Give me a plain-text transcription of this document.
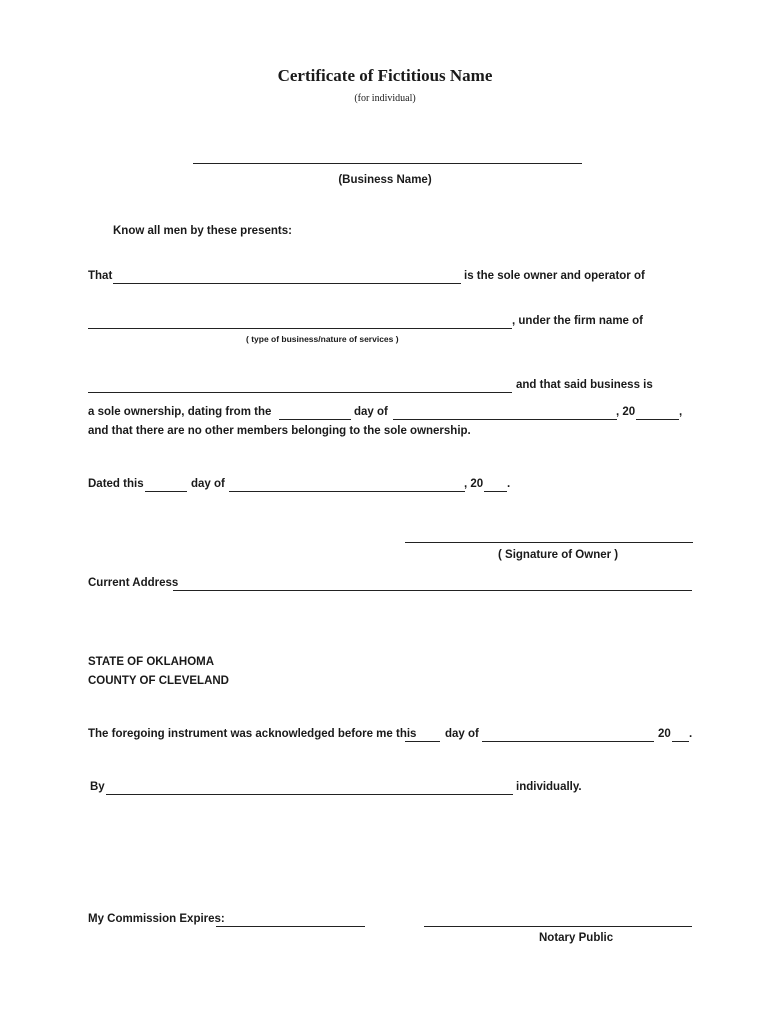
Certificate of Fictitious Name
(for individual)
(Business Name)
Know all men by these presents:
That	is the sole owner and operator of
, under the firm name of
( type of business/nature of services )
and that said business is
a sole ownership, dating from the	day of	, 20	,
and that there are no other members belonging to the sole ownership.
Dated this	day of	, 20 .
( Signature of Owner )
Current Address
STATE OF OKLAHOMA
COUNTY OF CLEVELAND
The foregoing instrument was acknowledged before me this day of	20 .
By	individually.
My Commission Expires:
Notary Public
